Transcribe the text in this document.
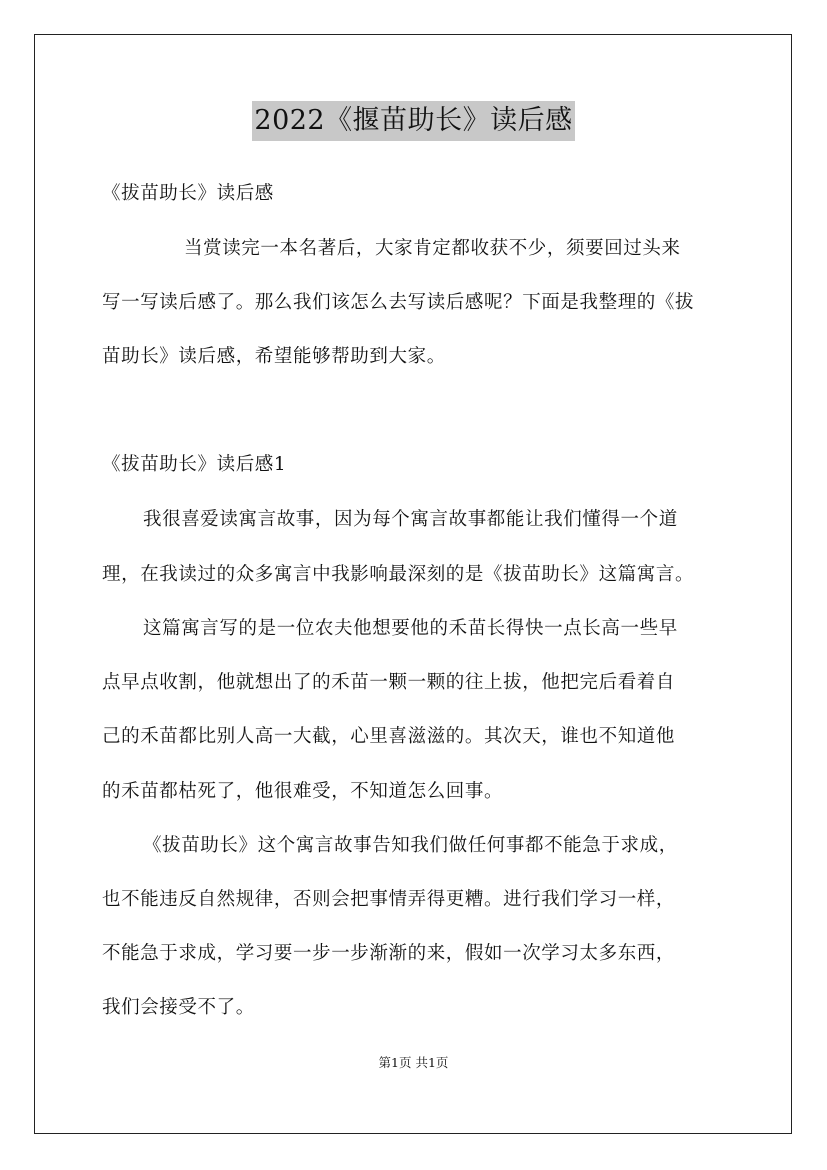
2022《揠苗助长》读后感
《拔苗助长》读后感
当赏读完一本名著后，大家肯定都收获不少，须要回过头来
写一写读后感了。那么我们该怎么去写读后感呢？下面是我整理的《拔
苗助长》读后感，希望能够帮助到大家。
《拔苗助长》读后感1
我很喜爱读寓言故事，因为每个寓言故事都能让我们懂得一个道
理，在我读过的众多寓言中我影响最深刻的是《拔苗助长》这篇寓言。
这篇寓言写的是一位农夫他想要他的禾苗长得快一点长高一些早
点早点收割，他就想出了的禾苗一颗一颗的往上拔，他把完后看着自
己的禾苗都比别人高一大截，心里喜滋滋的。其次天，谁也不知道他
的禾苗都枯死了，他很难受，不知道怎么回事。
《拔苗助长》这个寓言故事告知我们做任何事都不能急于求成，
也不能违反自然规律，否则会把事情弄得更糟。进行我们学习一样，
不能急于求成，学习要一步一步渐渐的来，假如一次学习太多东西，
我们会接受不了。
第1页 共1页
